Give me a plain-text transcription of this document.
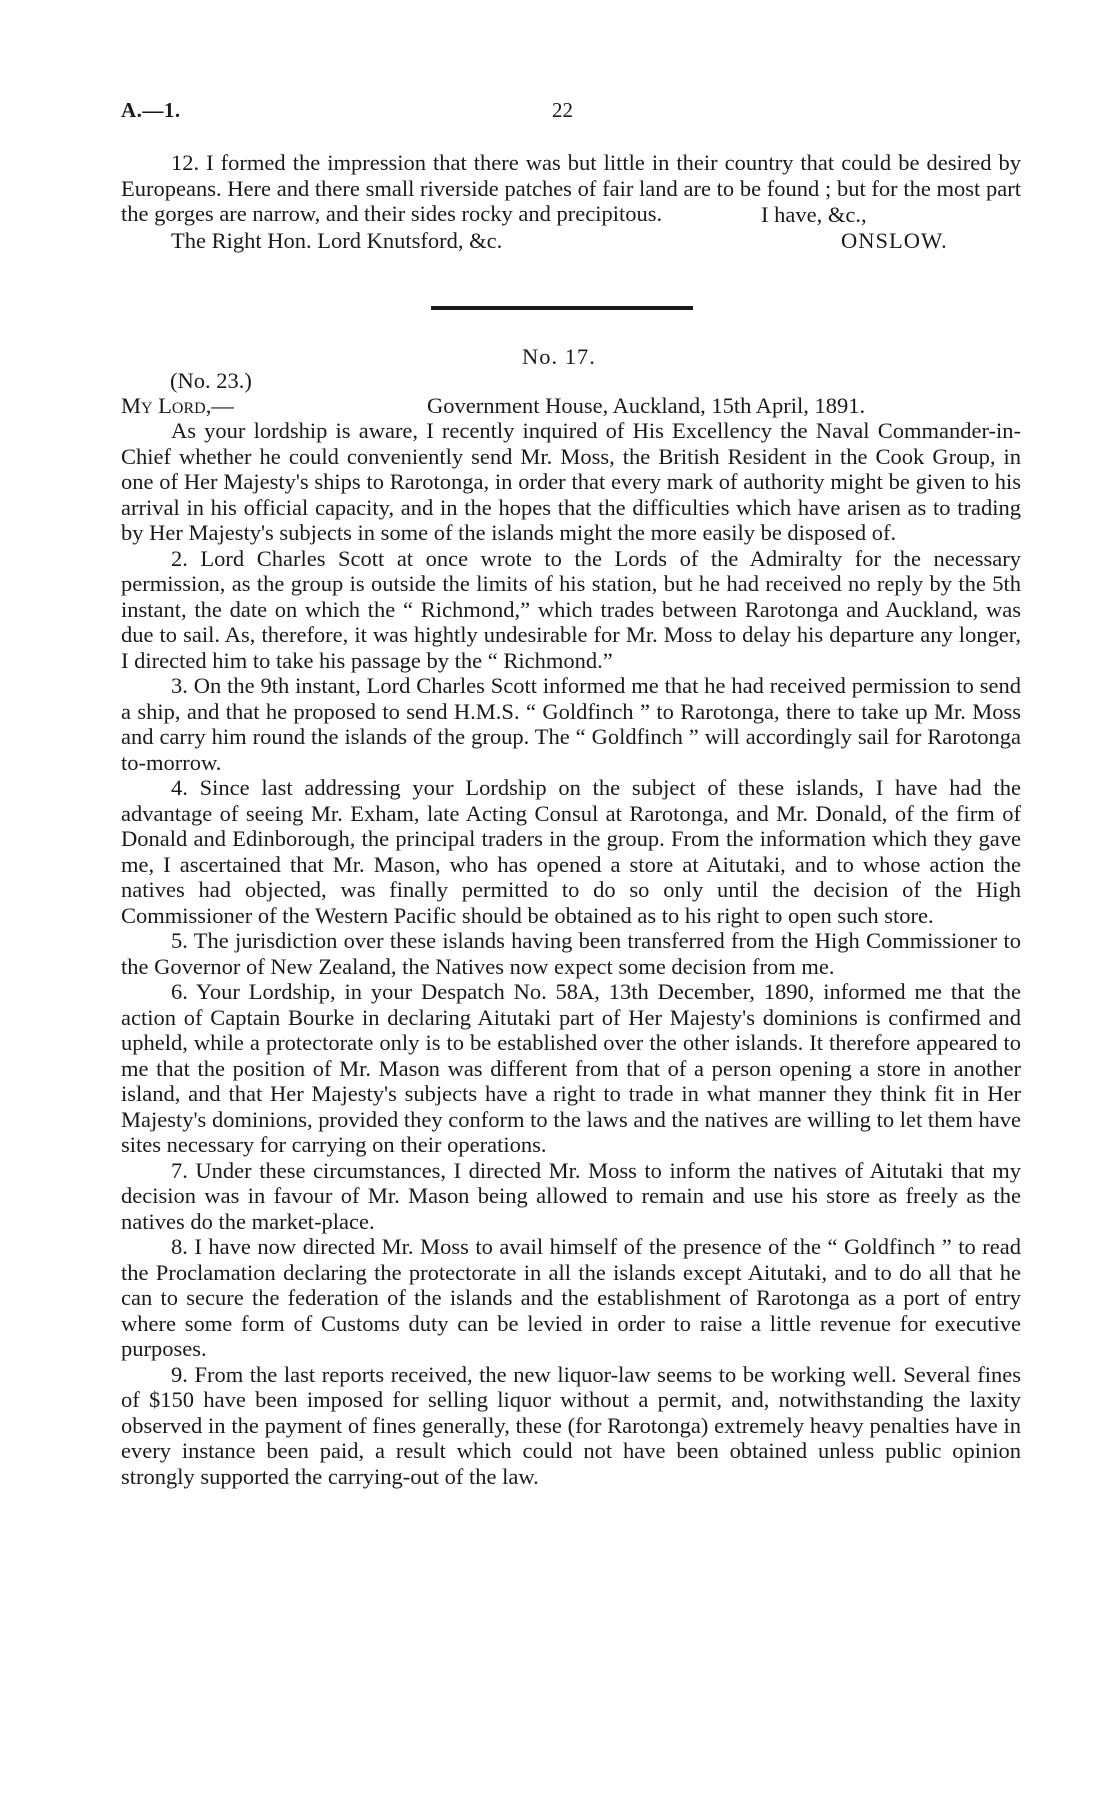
A.—1.	22

12. I formed the impression that there was but little in their country that could be desired by Europeans. Here and there small riverside patches of fair land are to be found ; but for the most part the gorges are narrow, and their sides rocky and precipitous.	I have, &c.,
The Right Hon. Lord Knutsford, &c.	ONSLOW.
No. 17.
(No. 23.)
My Lord,—	Government House, Auckland, 15th April, 1891.

As your lordship is aware, I recently inquired of His Excellency the Naval Commander-in-Chief whether he could conveniently send Mr. Moss, the British Resident in the Cook Group, in one of Her Majesty's ships to Rarotonga, in order that every mark of authority might be given to his arrival in his official capacity, and in the hopes that the difficulties which have arisen as to trading by Her Majesty's subjects in some of the islands might the more easily be disposed of.

2. Lord Charles Scott at once wrote to the Lords of the Admiralty for the necessary permission, as the group is outside the limits of his station, but he had received no reply by the 5th instant, the date on which the “ Richmond,” which trades between Rarotonga and Auckland, was due to sail. As, therefore, it was hightly undesirable for Mr. Moss to delay his departure any longer, I directed him to take his passage by the “ Richmond.”

3. On the 9th instant, Lord Charles Scott informed me that he had received permission to send a ship, and that he proposed to send H.M.S. “ Goldfinch ” to Rarotonga, there to take up Mr. Moss and carry him round the islands of the group. The “ Goldfinch ” will accordingly sail for Rarotonga to-morrow.

4. Since last addressing your Lordship on the subject of these islands, I have had the advantage of seeing Mr. Exham, late Acting Consul at Rarotonga, and Mr. Donald, of the firm of Donald and Edinborough, the principal traders in the group. From the information which they gave me, I ascertained that Mr. Mason, who has opened a store at Aitutaki, and to whose action the natives had objected, was finally permitted to do so only until the decision of the High Commissioner of the Western Pacific should be obtained as to his right to open such store.

5. The jurisdiction over these islands having been transferred from the High Commissioner to the Governor of New Zealand, the Natives now expect some decision from me.

6. Your Lordship, in your Despatch No. 58A, 13th December, 1890, informed me that the action of Captain Bourke in declaring Aitutaki part of Her Majesty's dominions is confirmed and upheld, while a protectorate only is to be established over the other islands. It therefore appeared to me that the position of Mr. Mason was different from that of a person opening a store in another island, and that Her Majesty's subjects have a right to trade in what manner they think fit in Her Majesty's dominions, provided they conform to the laws and the natives are willing to let them have sites necessary for carrying on their operations.

7. Under these circumstances, I directed Mr. Moss to inform the natives of Aitutaki that my decision was in favour of Mr. Mason being allowed to remain and use his store as freely as the natives do the market-place.

8. I have now directed Mr. Moss to avail himself of the presence of the “ Goldfinch ” to read the Proclamation declaring the protectorate in all the islands except Aitutaki, and to do all that he can to secure the federation of the islands and the establishment of Rarotonga as a port of entry where some form of Customs duty can be levied in order to raise a little revenue for executive purposes.

9. From the last reports received, the new liquor-law seems to be working well. Several fines of $150 have been imposed for selling liquor without a permit, and, notwithstanding the laxity observed in the payment of fines generally, these (for Rarotonga) extremely heavy penalties have in every instance been paid, a result which could not have been obtained unless public opinion strongly supported the carrying-out of the law.
